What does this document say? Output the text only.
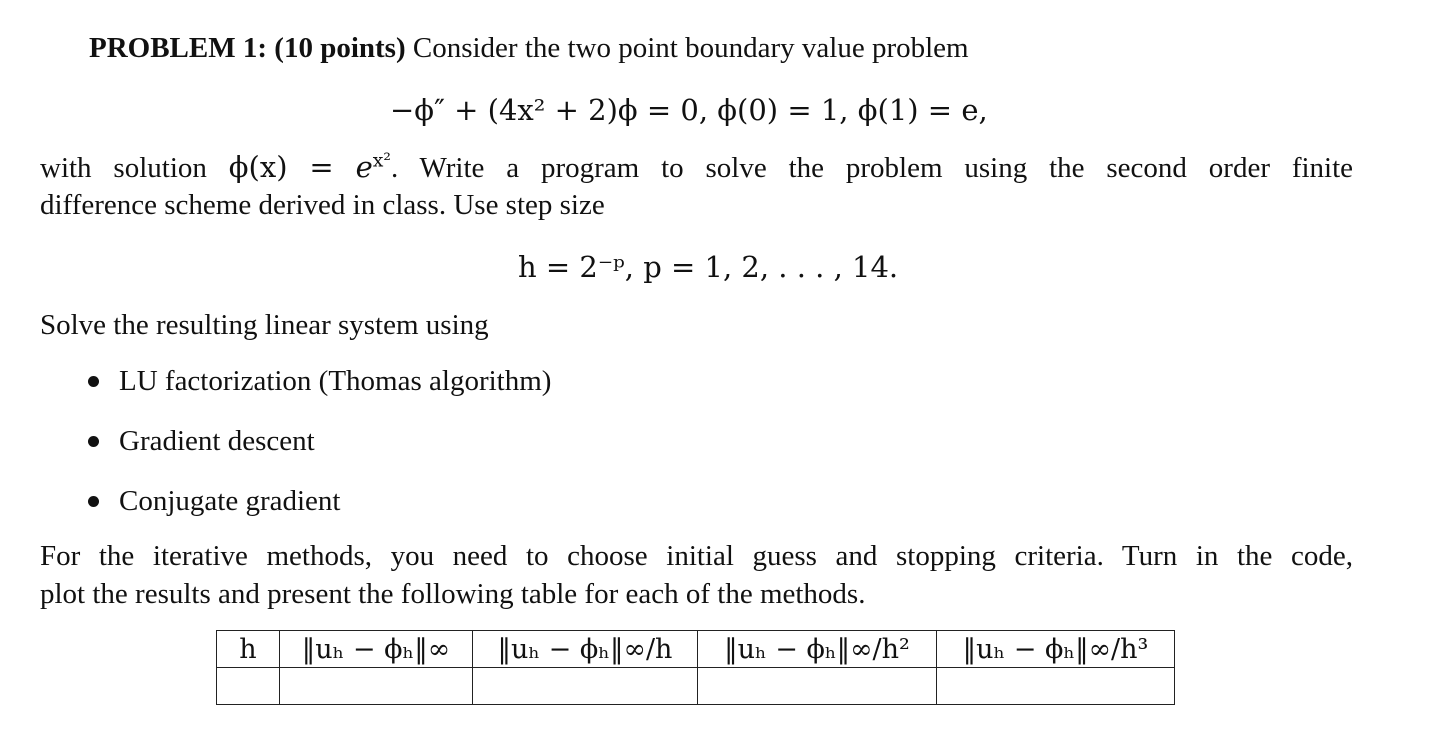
PROBLEM 1: (10 points) Consider the two point boundary value problem
−ϕ″ + (4x² + 2)ϕ = 0, ϕ(0) = 1, ϕ(1) = e,
with solution $\phi(x) = e^{x^2}$. Write a program to solve the problem using the second order finite
difference scheme derived in class. Use step size
h = 2⁻ᵖ, p = 1, 2, . . . , 14.
Solve the resulting linear system using
LU factorization (Thomas algorithm)
Gradient descent
Conjugate gradient
For the iterative methods, you need to choose initial guess and stopping criteria. Turn in the code,
plot the results and present the following table for each of the methods.
h	‖uₕ − ϕₕ‖∞	‖uₕ − ϕₕ‖∞/h	‖uₕ − ϕₕ‖∞/h²	‖uₕ − ϕₕ‖∞/h³
